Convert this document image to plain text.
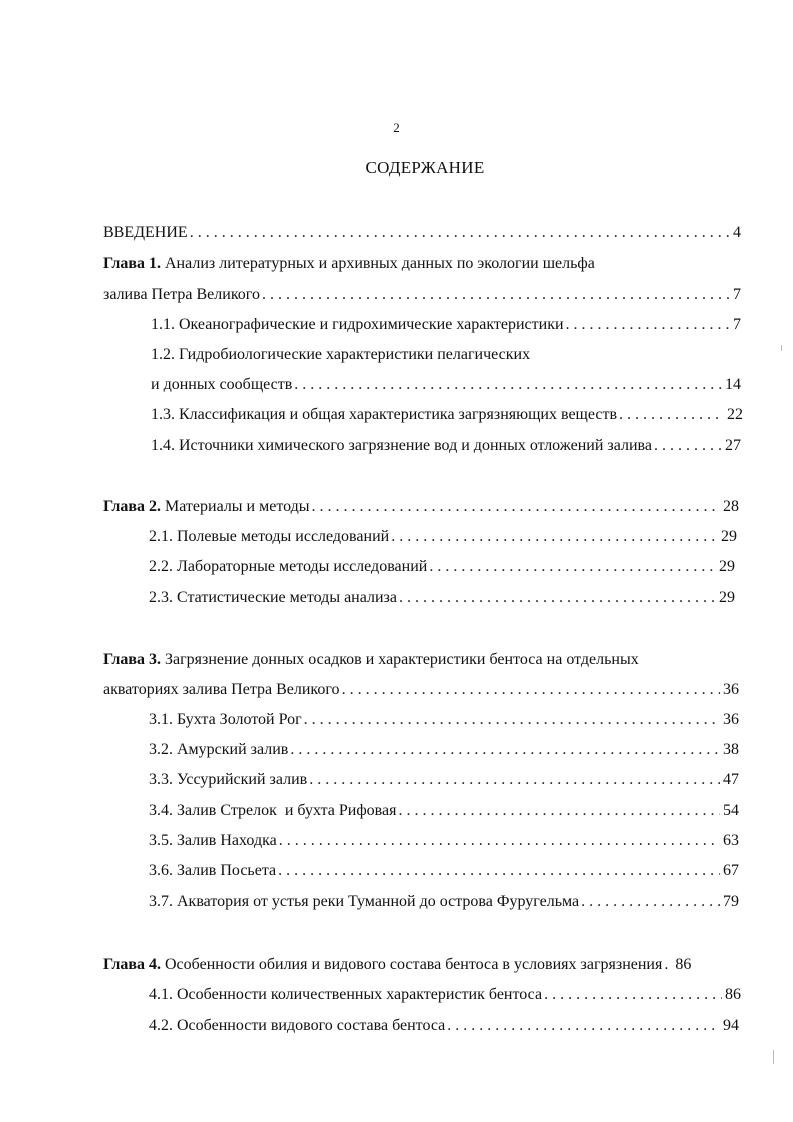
2
СОДЕРЖАНИЕ
ВВЕДЕНИЕ . . .	4
Глава 1. Анализ литературных и архивных данных по экологии шельфа
залива Петра Великого . . .	7
1.1. Океанографические и гидрохимические характеристики . . .	7
1.2. Гидробиологические характеристики пелагических
и донных сообществ . . .	14
1.3. Классификация и общая характеристика загрязняющих веществ . . .	22
1.4. Источники химического загрязнение вод и донных отложений залива . . .	27
Глава 2. Материалы и методы . . .	28
2.1. Полевые методы исследований . . .	29
2.2. Лабораторные методы исследований . . .	29
2.3. Статистические методы анализа . . .	29
Глава 3. Загрязнение донных осадков и характеристики бентоса на отдельных
акваториях залива Петра Великого . . .	36
3.1. Бухта Золотой Рог . . .	36
3.2. Амурский залив . . .	38
3.3. Уссурийский залив . . .	47
3.4. Залив Стрелок  и бухта Рифовая . . .	54
3.5. Залив Находка . . .	63
3.6. Залив Посьета . . .	67
3.7. Акватория от устья реки Туманной до острова Фуругельма . . .	79
Глава 4. Особенности обилия и видового состава бентоса в условиях загрязнения . . . 86
4.1. Особенности количественных характеристик бентоса . . .	86
4.2. Особенности видового состава бентоса . . .	94
